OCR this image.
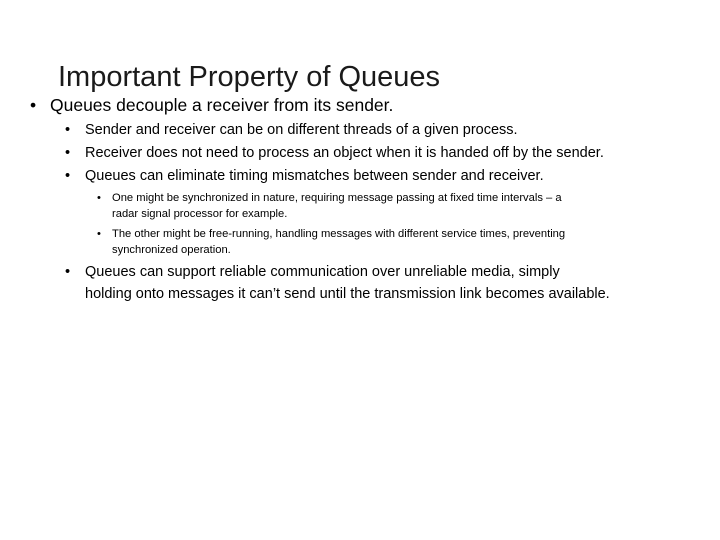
Important Property of Queues
• Queues decouple a receiver from its sender.
• Sender and receiver can be on different threads of a given process.
• Receiver does not need to process an object when it is handed off by the sender.
• Queues can eliminate timing mismatches between sender and receiver.
• One might be synchronized in nature, requiring message passing at fixed time intervals – a
radar signal processor for example.
• The other might be free-running, handling messages with different service times, preventing
synchronized operation.
• Queues can support reliable communication over unreliable media, simply
holding onto messages it can’t send until the transmission link becomes available.
